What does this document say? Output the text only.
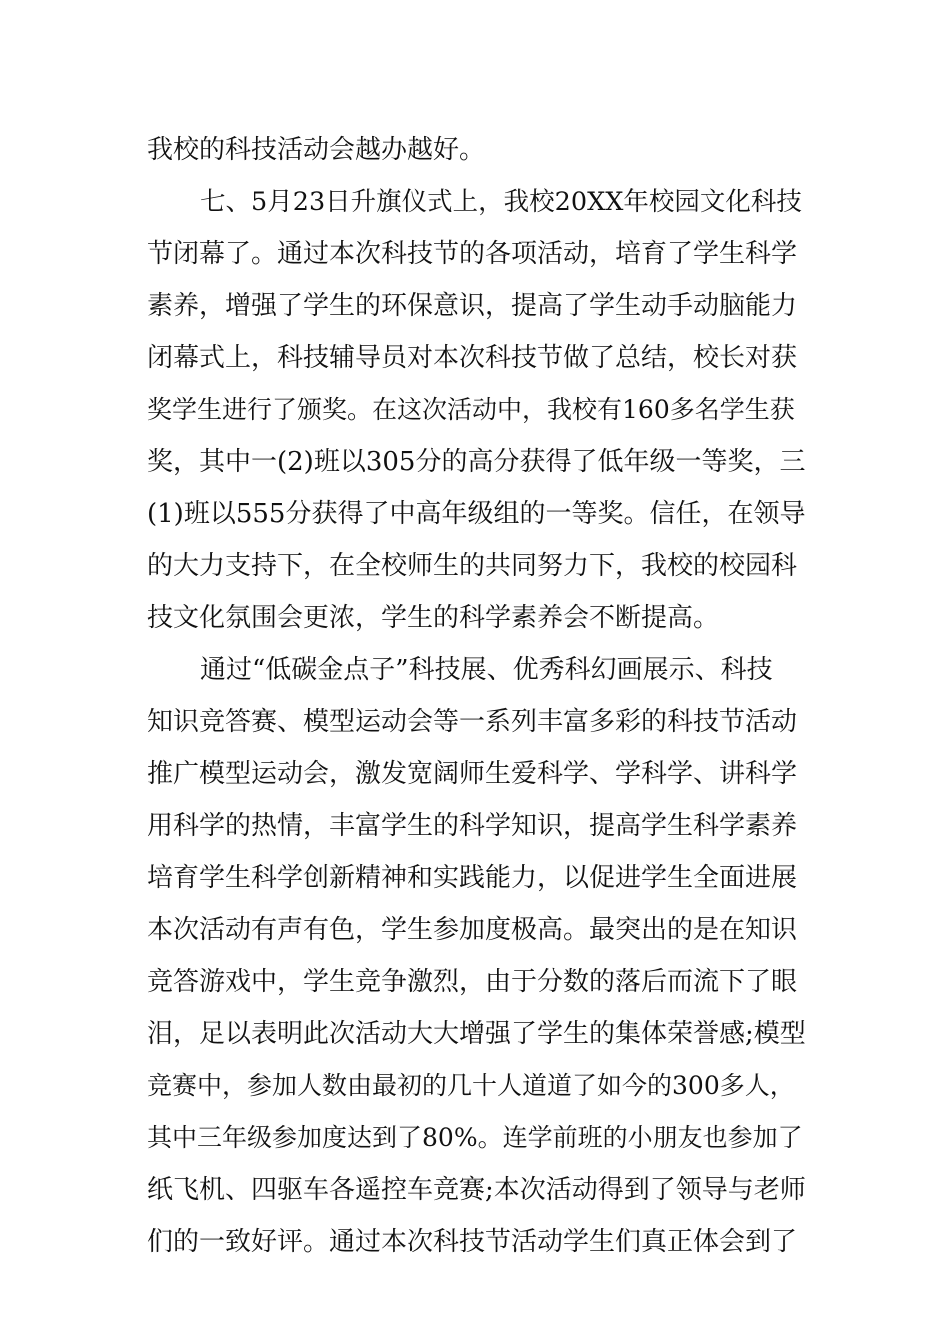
我校的科技活动会越办越好。
七、5月23日升旗仪式上，我校20XX年校园文化科技
节闭幕了。通过本次科技节的各项活动，培育了学生科学
素养，增强了学生的环保意识，提高了学生动手动脑能力
闭幕式上，科技辅导员对本次科技节做了总结，校长对获
奖学生进行了颁奖。在这次活动中，我校有160多名学生获
奖，其中一(2)班以305分的高分获得了低年级一等奖，三
(1)班以555分获得了中高年级组的一等奖。信任，在领导
的大力支持下，在全校师生的共同努力下，我校的校园科
技文化氛围会更浓，学生的科学素养会不断提高。
通过“低碳金点子”科技展、优秀科幻画展示、科技
知识竞答赛、模型运动会等一系列丰富多彩的科技节活动
推广模型运动会，激发宽阔师生爱科学、学科学、讲科学
用科学的热情，丰富学生的科学知识，提高学生科学素养
培育学生科学创新精神和实践能力，以促进学生全面进展
本次活动有声有色，学生参加度极高。最突出的是在知识
竞答游戏中，学生竞争激烈，由于分数的落后而流下了眼
泪，足以表明此次活动大大增强了学生的集体荣誉感;模型
竞赛中，参加人数由最初的几十人道道了如今的300多人，
其中三年级参加度达到了80%。连学前班的小朋友也参加了
纸飞机、四驱车各遥控车竞赛;本次活动得到了领导与老师
们的一致好评。通过本次科技节活动学生们真正体会到了
